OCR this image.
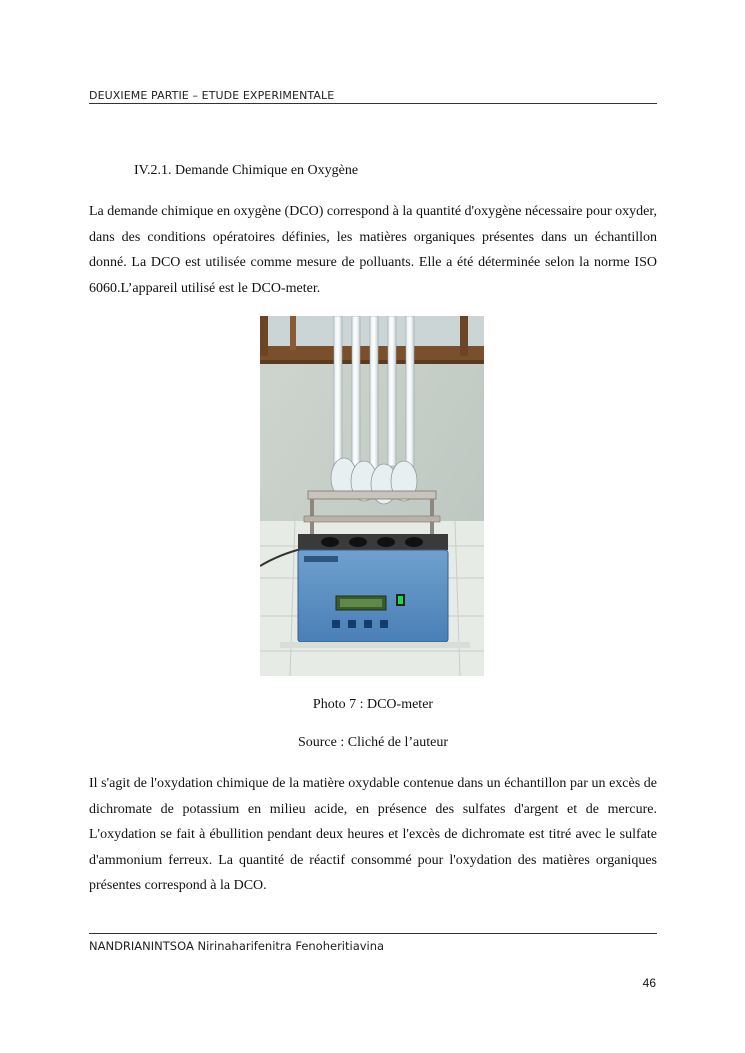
DEUXIEME PARTIE – ETUDE EXPERIMENTALE
IV.2.1. Demande Chimique en Oxygène

La demande chimique en oxygène (DCO) correspond à la quantité d'oxygène nécessaire pour oxyder, dans des conditions opératoires définies, les matières organiques présentes dans un échantillon donné. La DCO est utilisée comme mesure de polluants. Elle a été déterminée selon la norme ISO 6060.L’appareil utilisé est le DCO-meter.

Photo 7 : DCO-meter
Source : Cliché de l’auteur

Il s'agit de l'oxydation chimique de la matière oxydable contenue dans un échantillon par un excès de dichromate de potassium en milieu acide, en présence des sulfates d'argent et de mercure. L'oxydation se fait à ébullition pendant deux heures et l'excès de dichromate est titré avec le sulfate d'ammonium ferreux. La quantité de réactif consommé pour l'oxydation des matières organiques présentes correspond à la DCO.

NANDRIANINTSOA Nirinaharifenitra Fenoheritiavina
46
